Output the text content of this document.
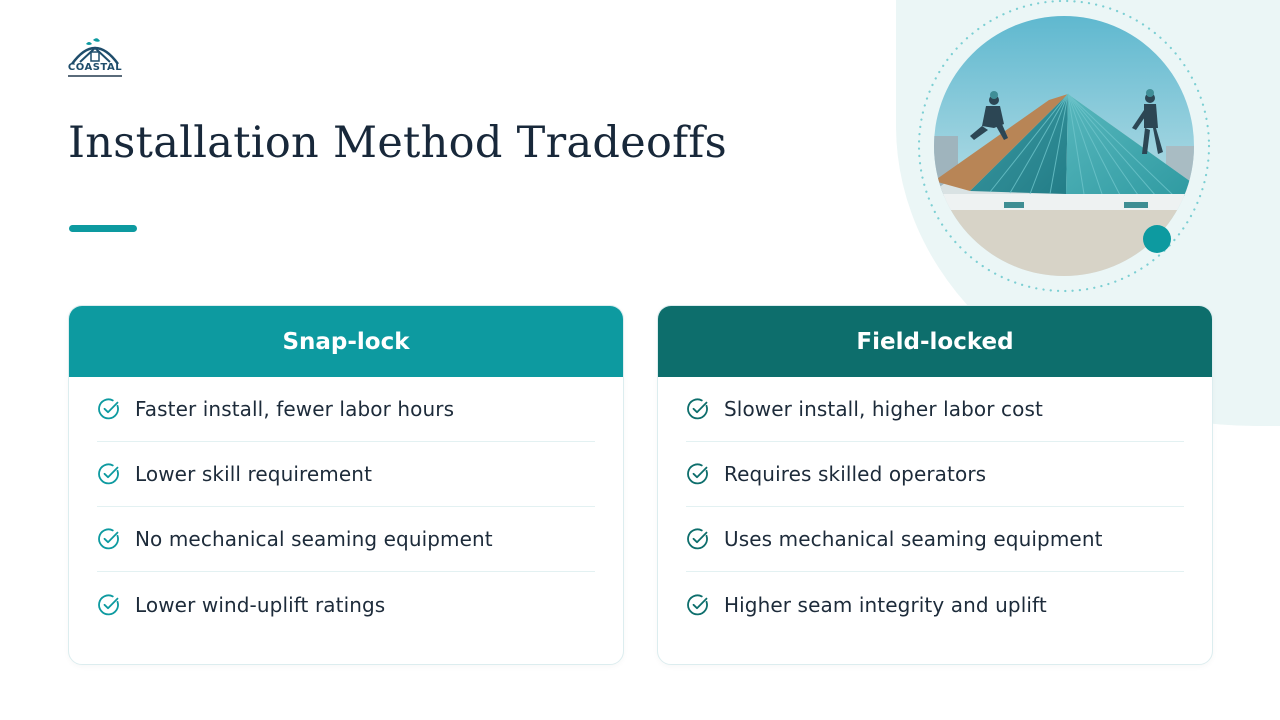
COASTAL
Installation Method Tradeoffs
Snap-lock
Faster install, fewer labor hours
Lower skill requirement
No mechanical seaming equipment
Lower wind-uplift ratings
Field-locked
Slower install, higher labor cost
Requires skilled operators
Uses mechanical seaming equipment
Higher seam integrity and uplift
